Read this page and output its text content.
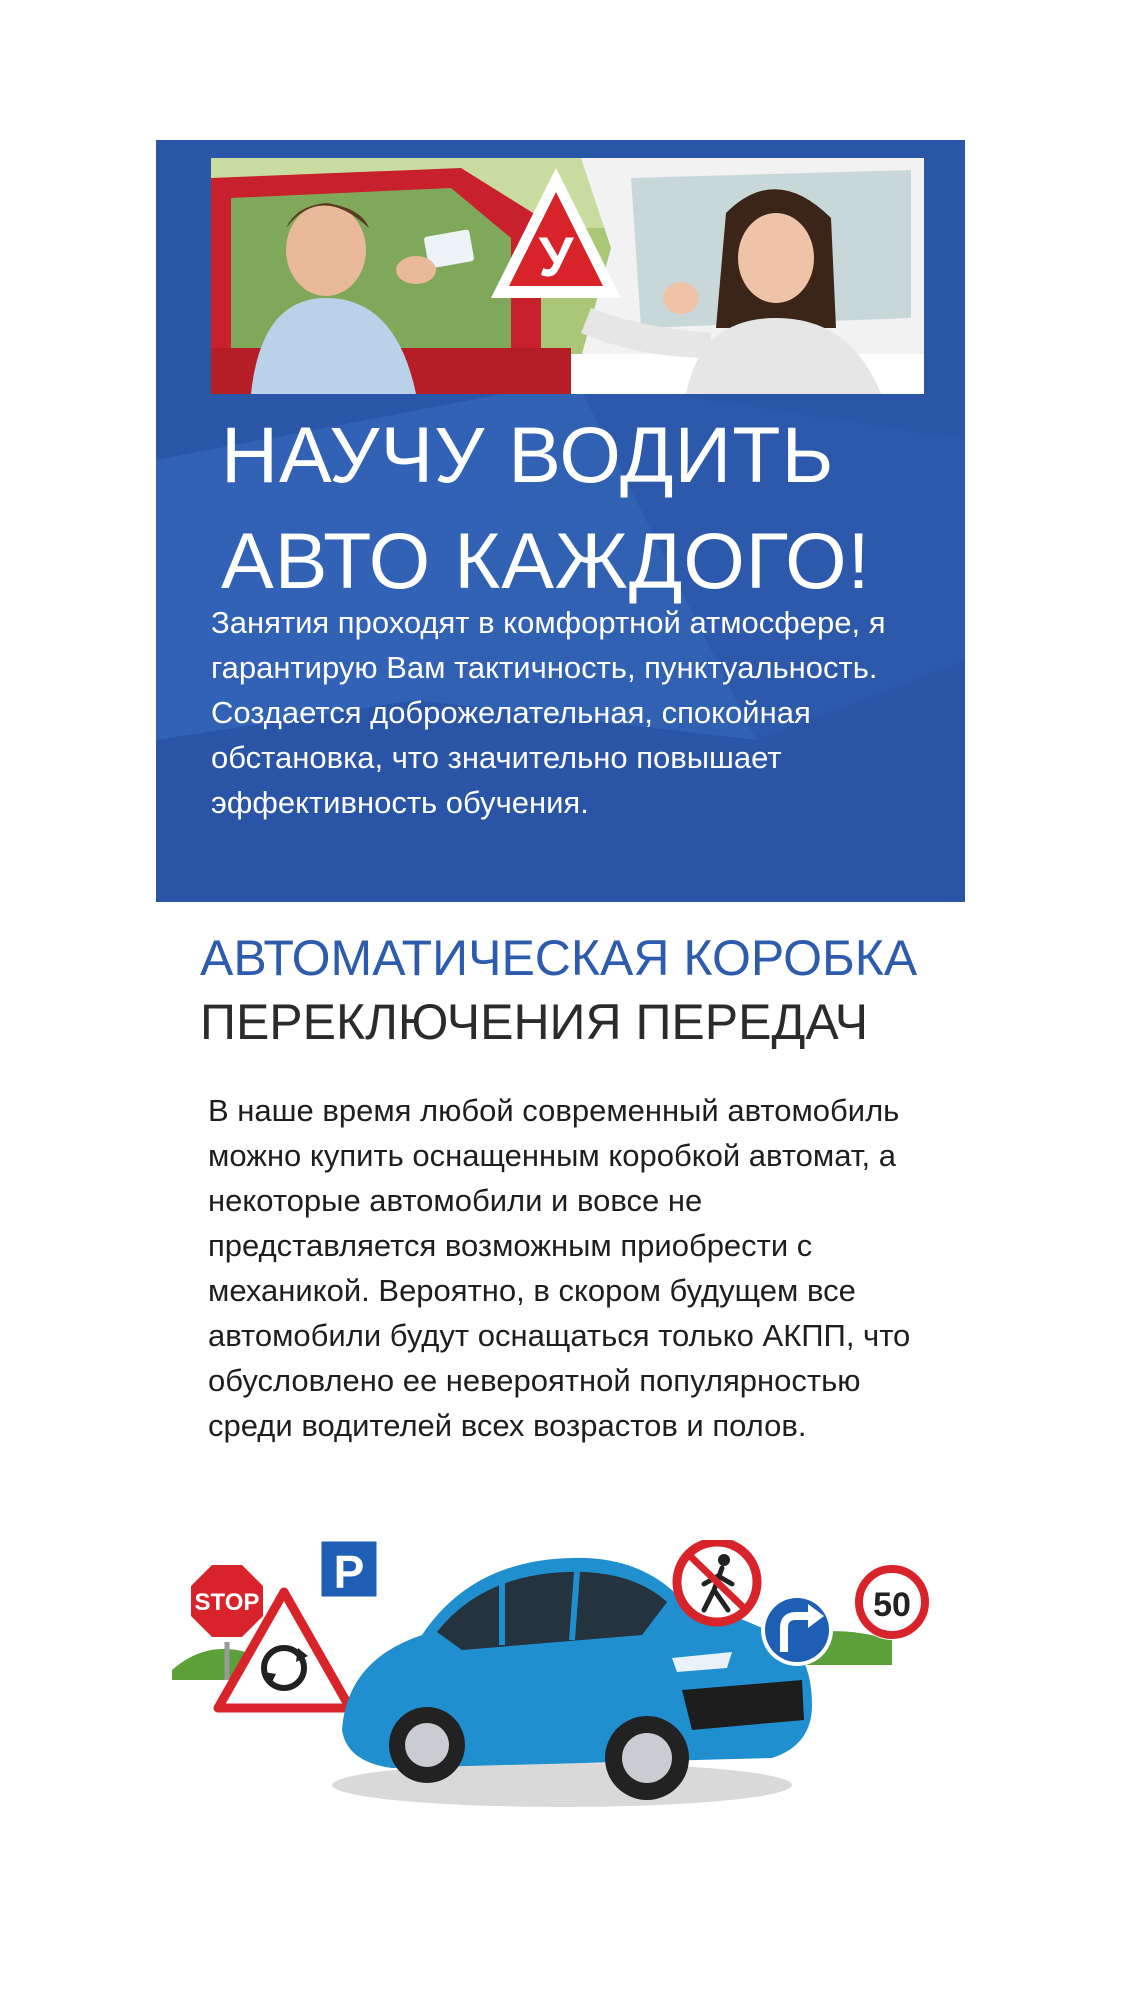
У
НАУЧУ ВОДИТЬ
АВТО КАЖДОГО!

Занятия проходят в комфортной атмосфере, я гарантирую Вам тактичность, пунктуальность. Создается доброжелательная, спокойная обстановка, что значительно повышает эффективность обучения.

АВТОМАТИЧЕСКАЯ КОРОБКА
ПЕРЕКЛЮЧЕНИЯ ПЕРЕДАЧ

В наше время любой современный автомобиль можно купить оснащенным коробкой автомат, а некоторые автомобили и вовсе не представляется возможным приобрести с механикой. Вероятно, в скором будущем все автомобили будут оснащаться только АКПП, что обусловлено ее невероятной популярностью среди водителей всех возрастов и полов.

STOP
P
50
